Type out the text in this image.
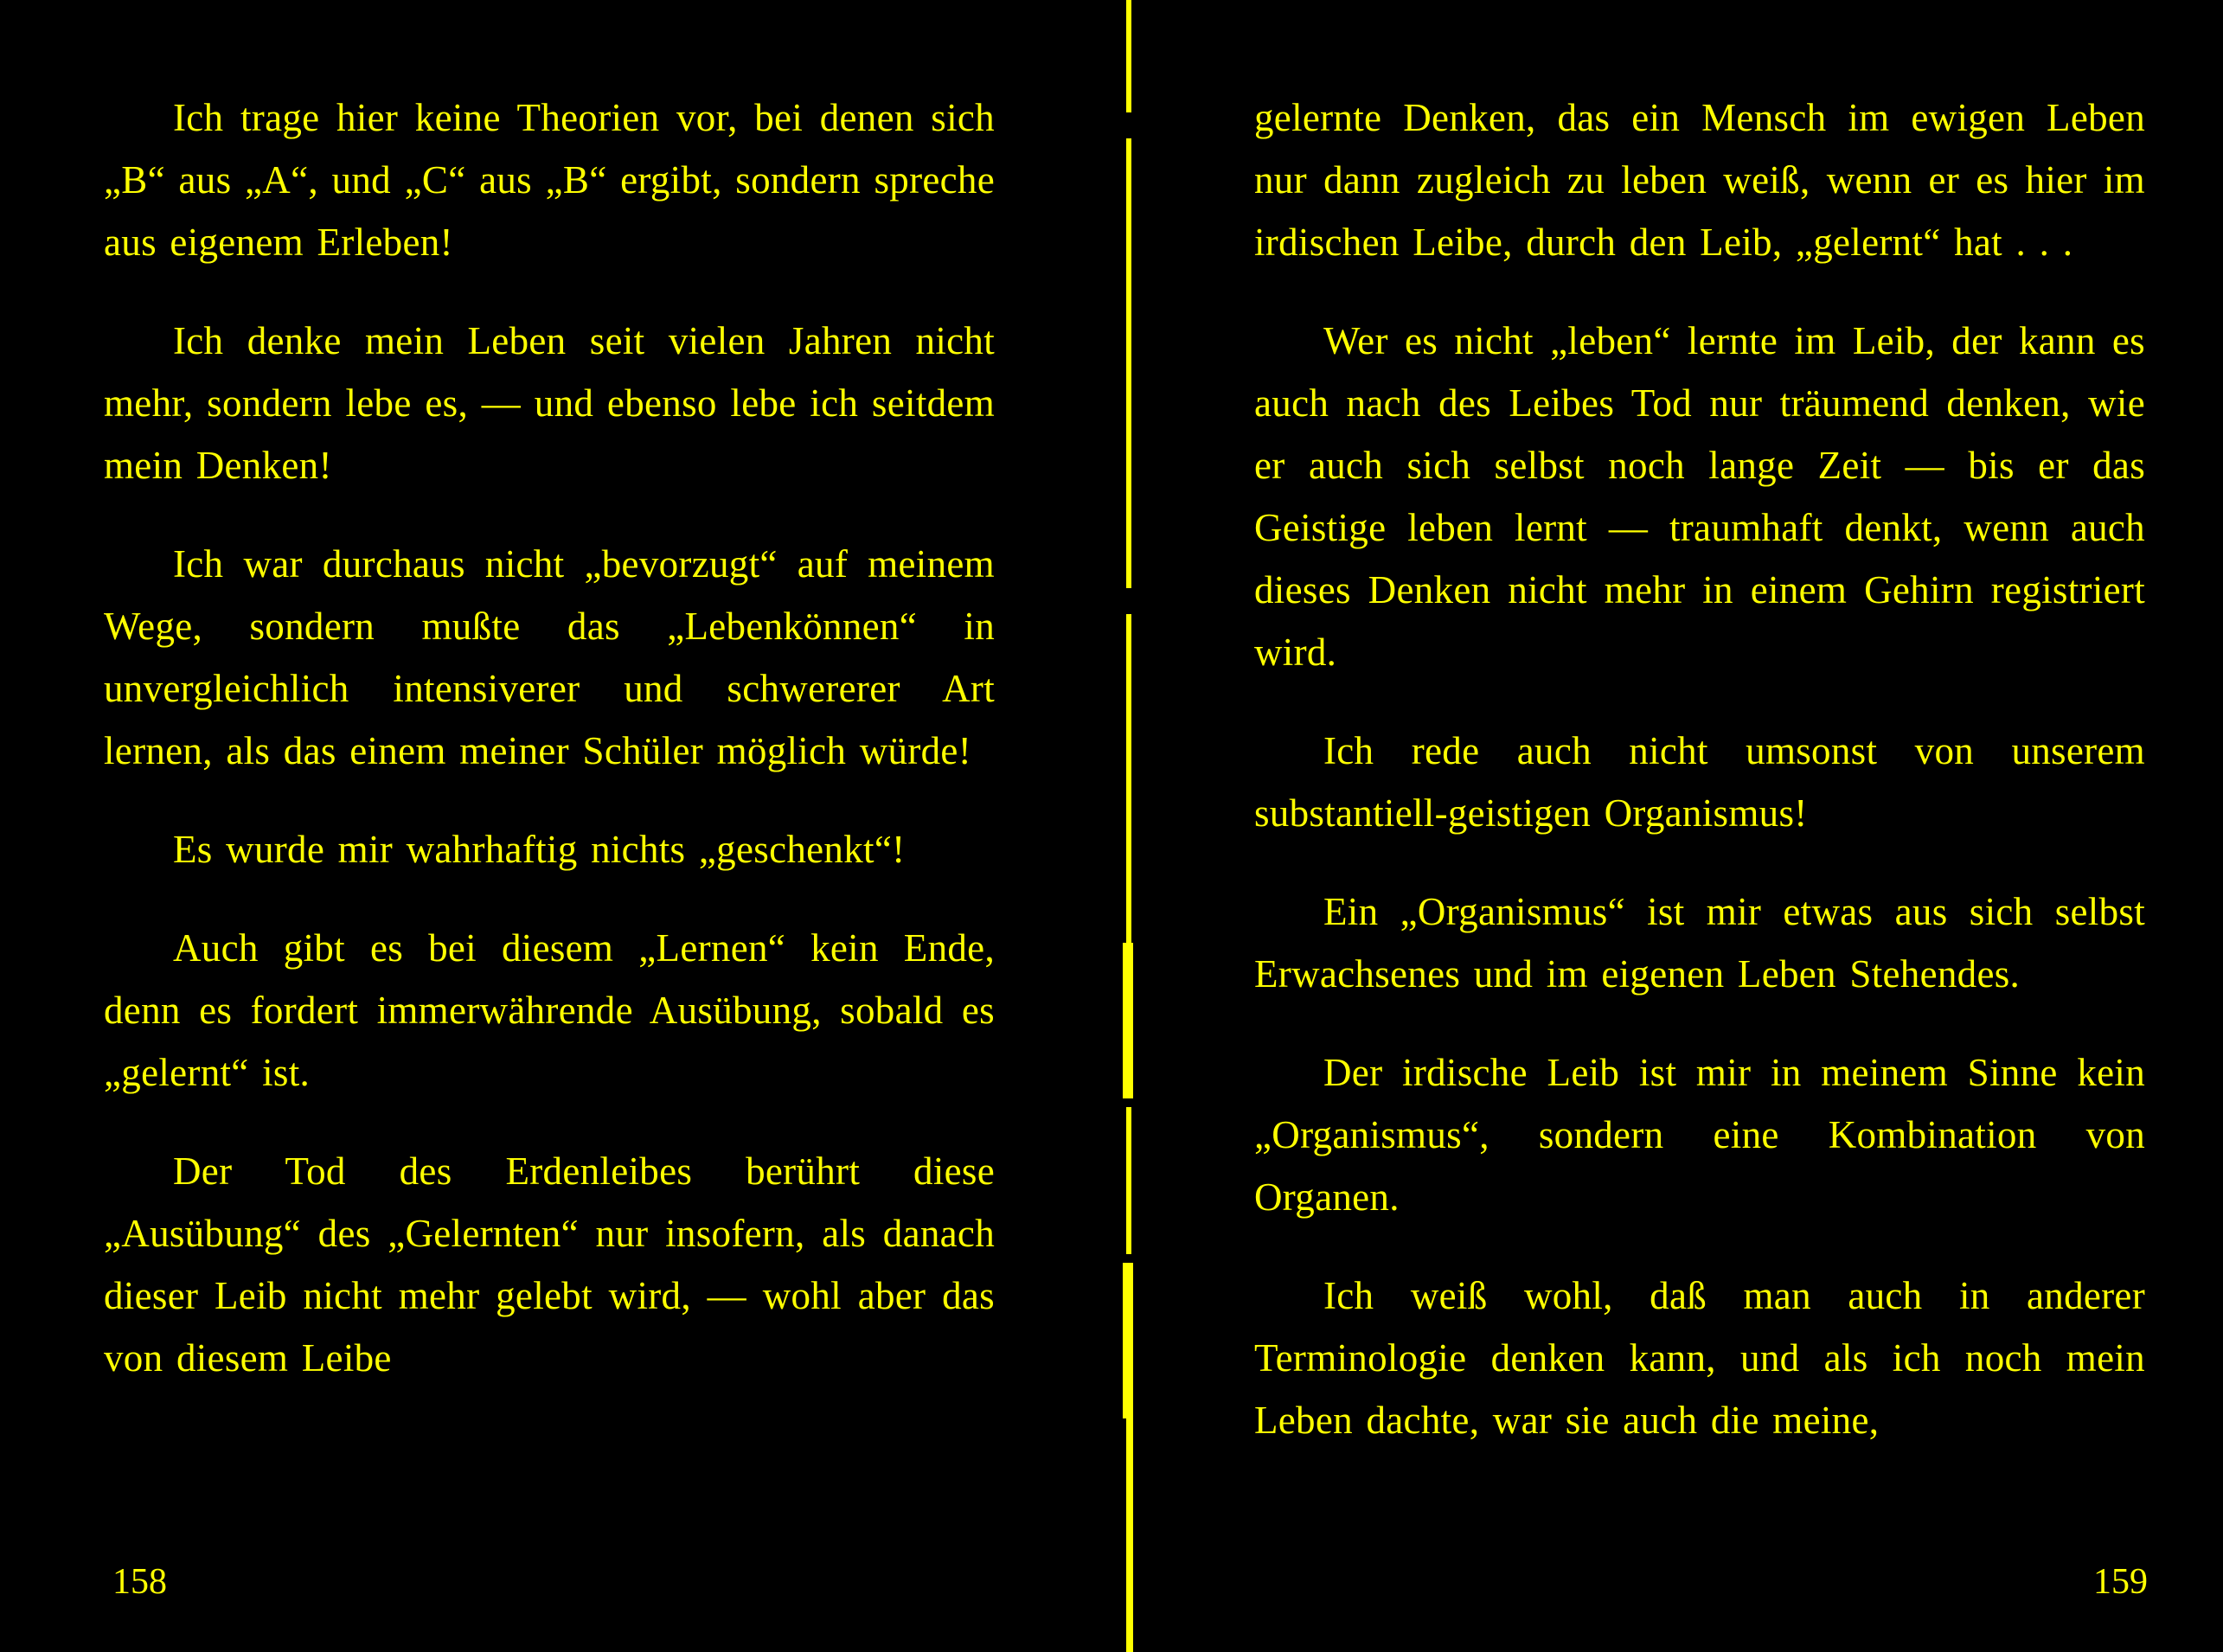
Ich trage hier keine Theorien vor, bei denen sich „B“ aus „A“, und „C“ aus „B“ ergibt, sondern spreche aus eigenem Erleben!

Ich denke mein Leben seit vielen Jahren nicht mehr, sondern lebe es, — und ebenso lebe ich seitdem mein Denken!

Ich war durchaus nicht „bevorzugt“ auf meinem Wege, sondern mußte das „Lebenkönnen“ in unvergleichlich intensiverer und schwererer Art lernen, als das einem meiner Schüler möglich würde!

Es wurde mir wahrhaftig nichts „geschenkt“!

Auch gibt es bei diesem „Lernen“ kein Ende, denn es fordert immerwährende Ausübung, sobald es „gelernt“ ist.

Der Tod des Erdenleibes berührt diese „Ausübung“ des „Gelernten“ nur insofern, als danach dieser Leib nicht mehr gelebt wird, — wohl aber das von diesem Leibe

gelernte Denken, das ein Mensch im ewigen Leben nur dann zugleich zu leben weiß, wenn er es hier im irdischen Leibe, durch den Leib, „gelernt“ hat . . .

Wer es nicht „leben“ lernte im Leib, der kann es auch nach des Leibes Tod nur träumend denken, wie er auch sich selbst noch lange Zeit — bis er das Geistige leben lernt — traumhaft denkt, wenn auch dieses Denken nicht mehr in einem Gehirn registriert wird.

Ich rede auch nicht umsonst von unserem substantiell-geistigen Organismus!

Ein „Organismus“ ist mir etwas aus sich selbst Erwachsenes und im eigenen Leben Stehendes.

Der irdische Leib ist mir in meinem Sinne kein „Organismus“, sondern eine Kombination von Organen.

Ich weiß wohl, daß man auch in anderer Terminologie denken kann, und als ich noch mein Leben dachte, war sie auch die meine,

158	159
